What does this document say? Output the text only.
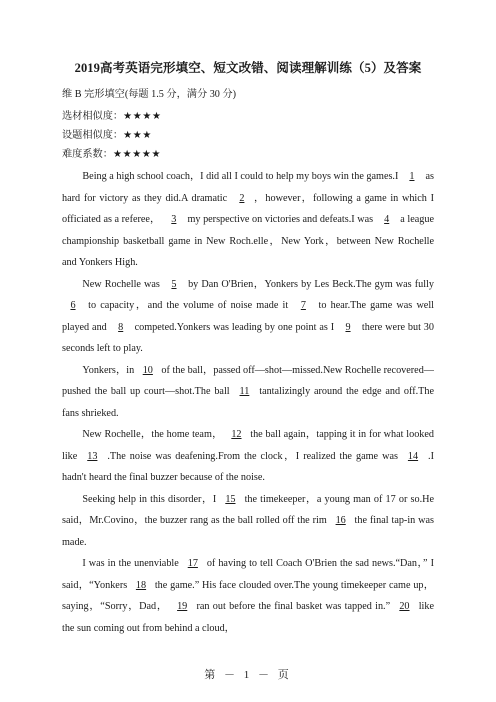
2019高考英语完形填空、短文改错、阅读理解训练（5）及答案
维 B 完形填空(每题 1.5 分，满分 30 分)
选材相似度：★★★★
设题相似度：★★★
难度系数：★★★★★

Being a high school coach，I did all I could to help my boys win the games.I 1 as hard for victory as they did.A dramatic 2 ，however，following a game in which I officiated as a referee， 3 my perspective on victories and defeats.I was 4 a league championship basketball game in New Roch.elle，New York，between New Rochelle and Yonkers High.

New Rochelle was 5 by Dan O'Brien，Yonkers by Les Beck.The gym was fully 6 to capacity，and the volume of noise made it 7 to hear.The game was well played and 8 competed.Yonkers was leading by one point as I 9 there were but 30 seconds left to play.

Yonkers，in 10 of the ball，passed off—shot—missed.New Rochelle recovered—pushed the ball up court—shot.The ball 11 tantalizingly around the edge and off.The fans shrieked.

New Rochelle，the home team， 12 the ball again，tapping it in for what looked like 13 .The noise was deafening.From the clock，I realized the game was 14 .I hadn't heard the final buzzer because of the noise.

Seeking help in this disorder，I 15 the timekeeper，a young man of 17 or so.He said，Mr.Covino，the buzzer rang as the ball rolled off the rim 16 the final tap-in was made.

I was in the unenviable 17 of having to tell Coach O'Brien the sad news.“Dan，” I said，“Yonkers 18 the game.” His face clouded over.The young timekeeper came up，saying，“Sorry，Dad， 19 ran out before the final basket was tapped in.” 20 like the sun coming out from behind a cloud，

第 － 1 － 页
